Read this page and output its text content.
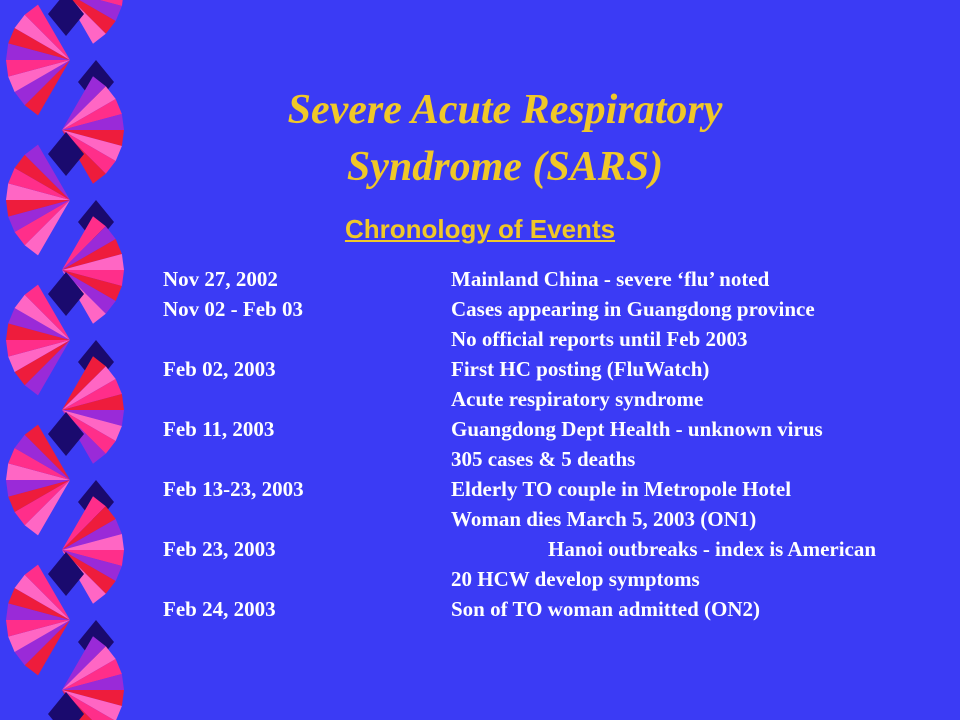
Severe Acute Respiratory
Syndrome (SARS)
Chronology of Events
Nov 27, 2002	Mainland China - severe ‘flu’ noted
Nov 02 - Feb 03	Cases appearing in Guangdong province
No official reports until Feb 2003
Feb 02, 2003	First HC posting (FluWatch)
Acute respiratory syndrome
Feb 11, 2003	Guangdong Dept Health - unknown virus
305 cases & 5 deaths
Feb 13-23, 2003	Elderly TO couple in Metropole Hotel
Woman dies March 5, 2003 (ON1)
Feb 23, 2003	Hanoi outbreaks - index is American
20 HCW develop symptoms
Feb 24, 2003	Son of TO woman admitted (ON2)
